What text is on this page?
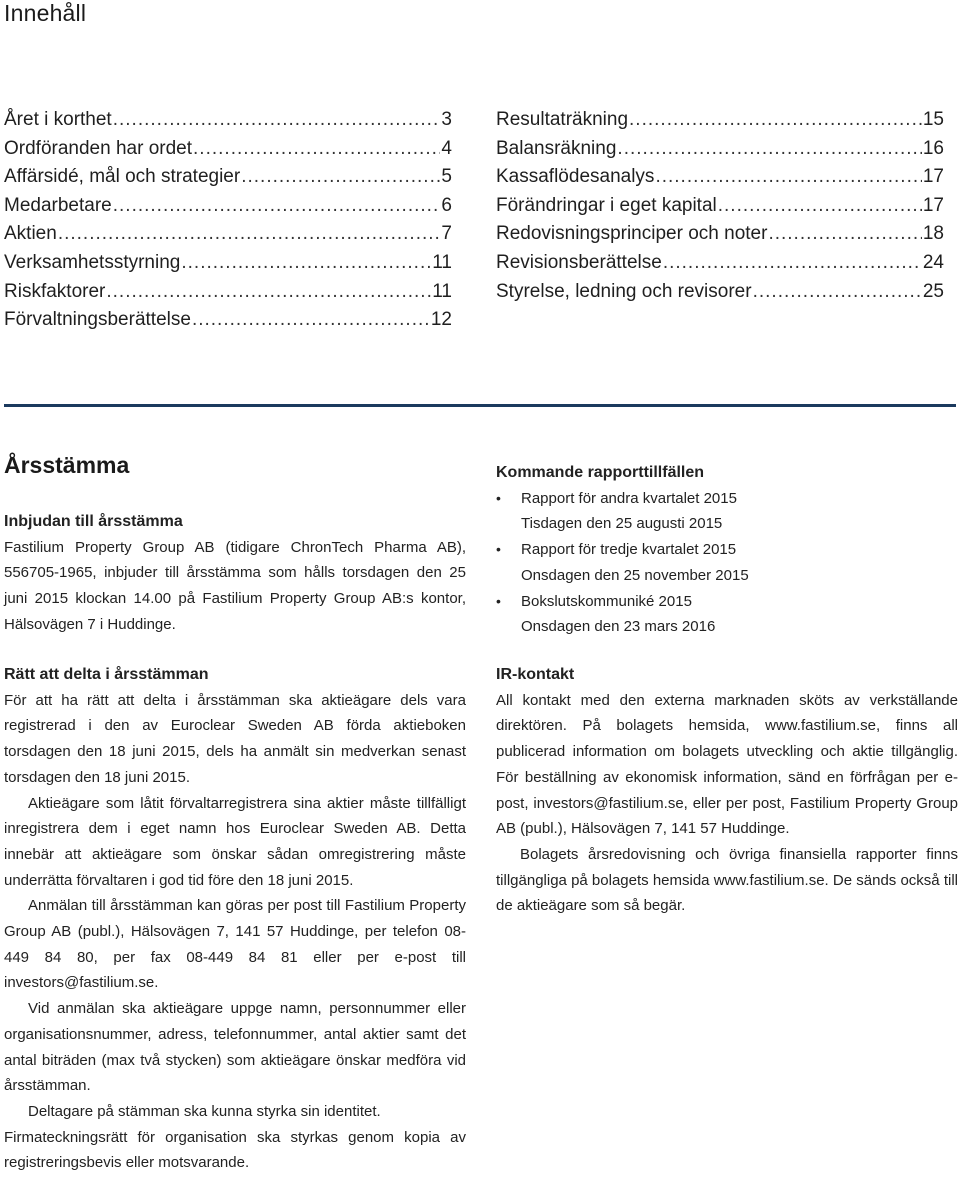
Innehåll
Året i korthet .....	3
Ordföranden har ordet .....	4
Affärsidé, mål och strategier .....	5
Medarbetare .....	6
Aktien .....	7
Verksamhetsstyrning .....	11
Riskfaktorer .....	11
Förvaltningsberättelse .....	12
Resultaträkning .....	15
Balansräkning .....	16
Kassaflödesanalys .....	17
Förändringar i eget kapital .....	17
Redovisningsprinciper och noter .....	18
Revisionsberättelse .....	24
Styrelse, ledning och revisorer .....	25
Årsstämma
Inbjudan till årsstämma

Fastilium Property Group AB (tidigare ChronTech Pharma AB), 556705-1965, inbjuder till årsstämma som hålls torsdagen den 25 juni 2015 klockan 14.00 på Fastilium Property Group AB:s kontor, Hälsovägen 7 i Huddinge.

Rätt att delta i årsstämman

För att ha rätt att delta i årsstämman ska aktieägare dels vara registrerad i den av Euroclear Sweden AB förda aktieboken torsdagen den 18 juni 2015, dels ha anmält sin medverkan senast torsdagen den 18 juni 2015.

Aktieägare som låtit förvaltarregistrera sina aktier måste tillfälligt inregistrera dem i eget namn hos Euroclear Sweden AB. Detta innebär att aktieägare som önskar sådan omregistrering måste underrätta förvaltaren i god tid före den 18 juni 2015.

Anmälan till årsstämman kan göras per post till Fastilium Property Group AB (publ.), Hälsovägen 7, 141 57 Huddinge, per telefon 08-449 84 80, per fax 08-449 84 81 eller per e-post till investors@fastilium.se.

Vid anmälan ska aktieägare uppge namn, personnummer eller organisationsnummer, adress, telefonnummer, antal aktier samt det antal biträden (max två stycken) som aktieägare önskar medföra vid årsstämman.

Deltagare på stämman ska kunna styrka sin identitet.

Firmateckningsrätt för organisation ska styrkas genom kopia av registreringsbevis eller motsvarande.

Kommande rapporttillfällen
• Rapport för andra kvartalet 2015
Tisdagen den 25 augusti 2015
• Rapport för tredje kvartalet 2015
Onsdagen den 25 november 2015
• Bokslutskommuniké 2015
Onsdagen den 23 mars 2016
IR-kontakt

All kontakt med den externa marknaden sköts av verkställande direktören. På bolagets hemsida, www.fastilium.se, finns all publicerad information om bolagets utveckling och aktie tillgänglig. För beställning av ekonomisk information, sänd en förfrågan per e-post, investors@fastilium.se, eller per post, Fastilium Property Group AB (publ.), Hälsovägen 7, 141 57 Huddinge.

Bolagets årsredovisning och övriga finansiella rapporter finns tillgängliga på bolagets hemsida www.fastilium.se. De sänds också till de aktieägare som så begär.
